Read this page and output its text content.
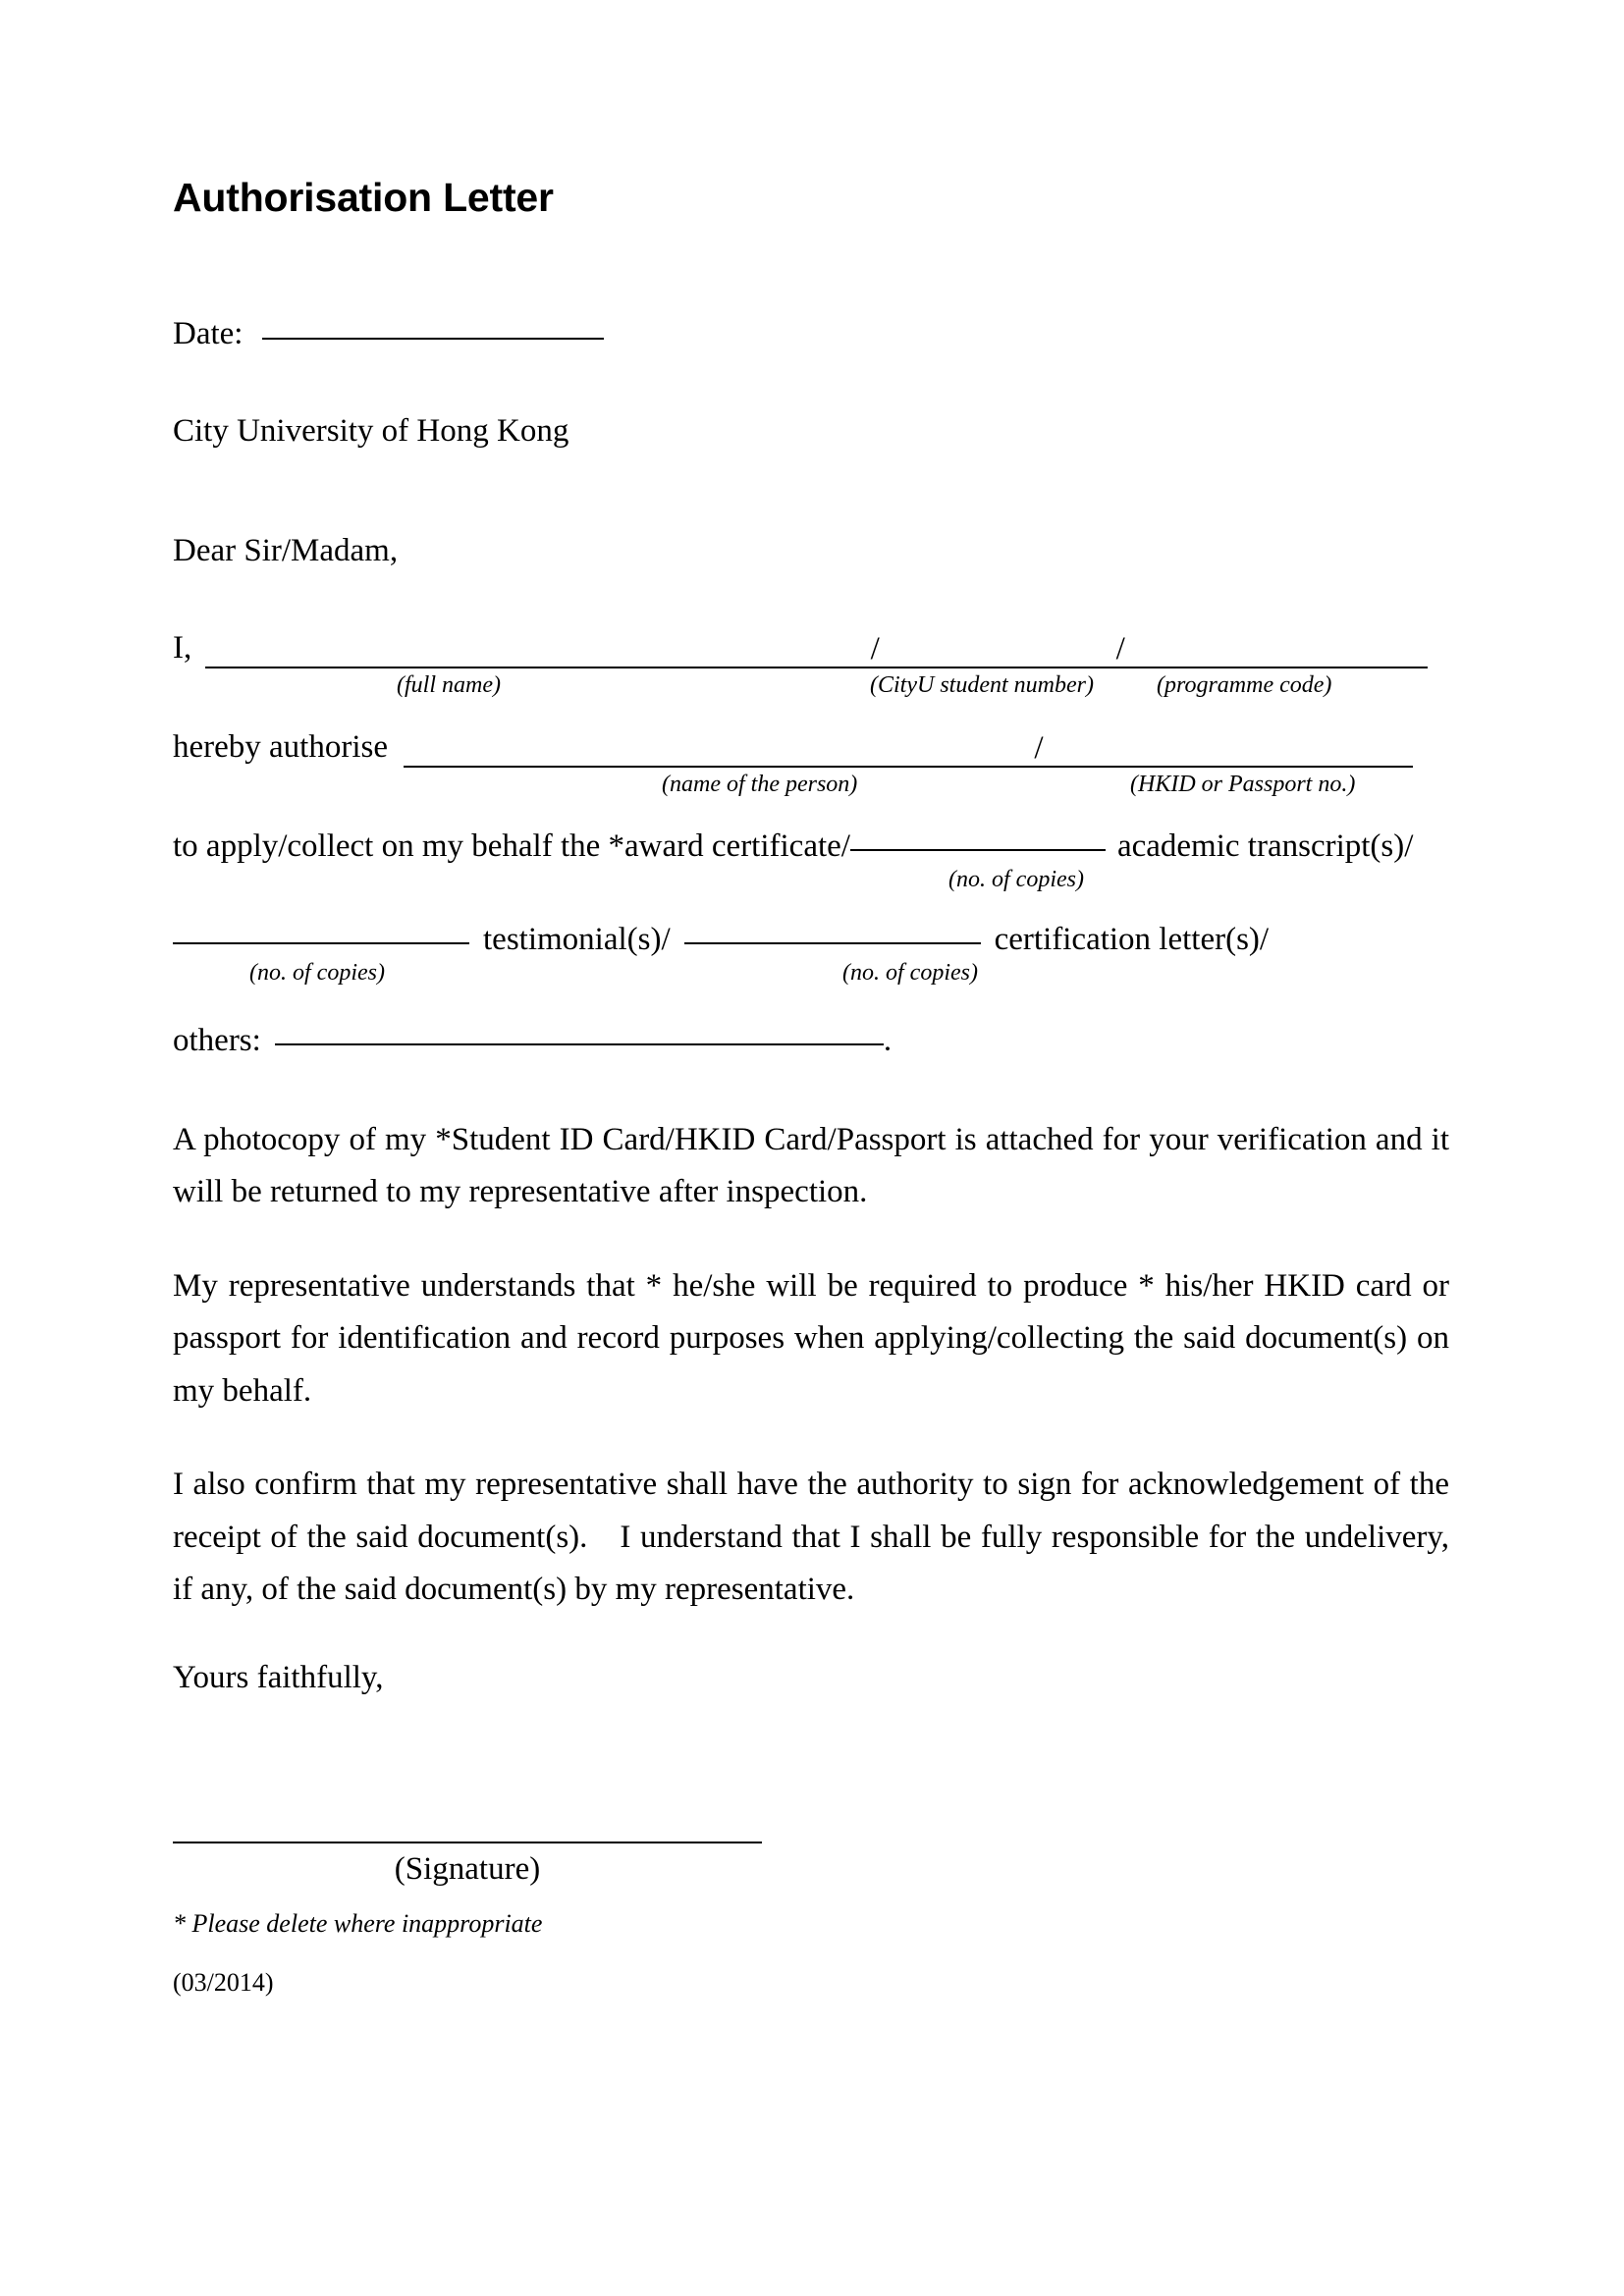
Authorisation Letter
Date:
City University of Hong Kong
Dear Sir/Madam,
I,	/	/
(full name)	(CityU student number)	(programme code)
hereby authorise	/
(name of the person)	(HKID or Passport no.)
to apply/collect on my behalf the *award certificate/	academic transcript(s)/
(no. of copies)
testimonial(s)/	certification letter(s)/
(no. of copies)	(no. of copies)
others:	.
A photocopy of my *Student ID Card/HKID Card/Passport is attached for your verification and it will be returned to my representative after inspection.
My representative understands that * he/she will be required to produce * his/her HKID card or passport for identification and record purposes when applying/collecting the said document(s) on my behalf.
I also confirm that my representative shall have the authority to sign for acknowledgement of the receipt of the said document(s). I understand that I shall be fully responsible for the undelivery, if any, of the said document(s) by my representative.
Yours faithfully,
(Signature)
* Please delete where inappropriate
(03/2014)
